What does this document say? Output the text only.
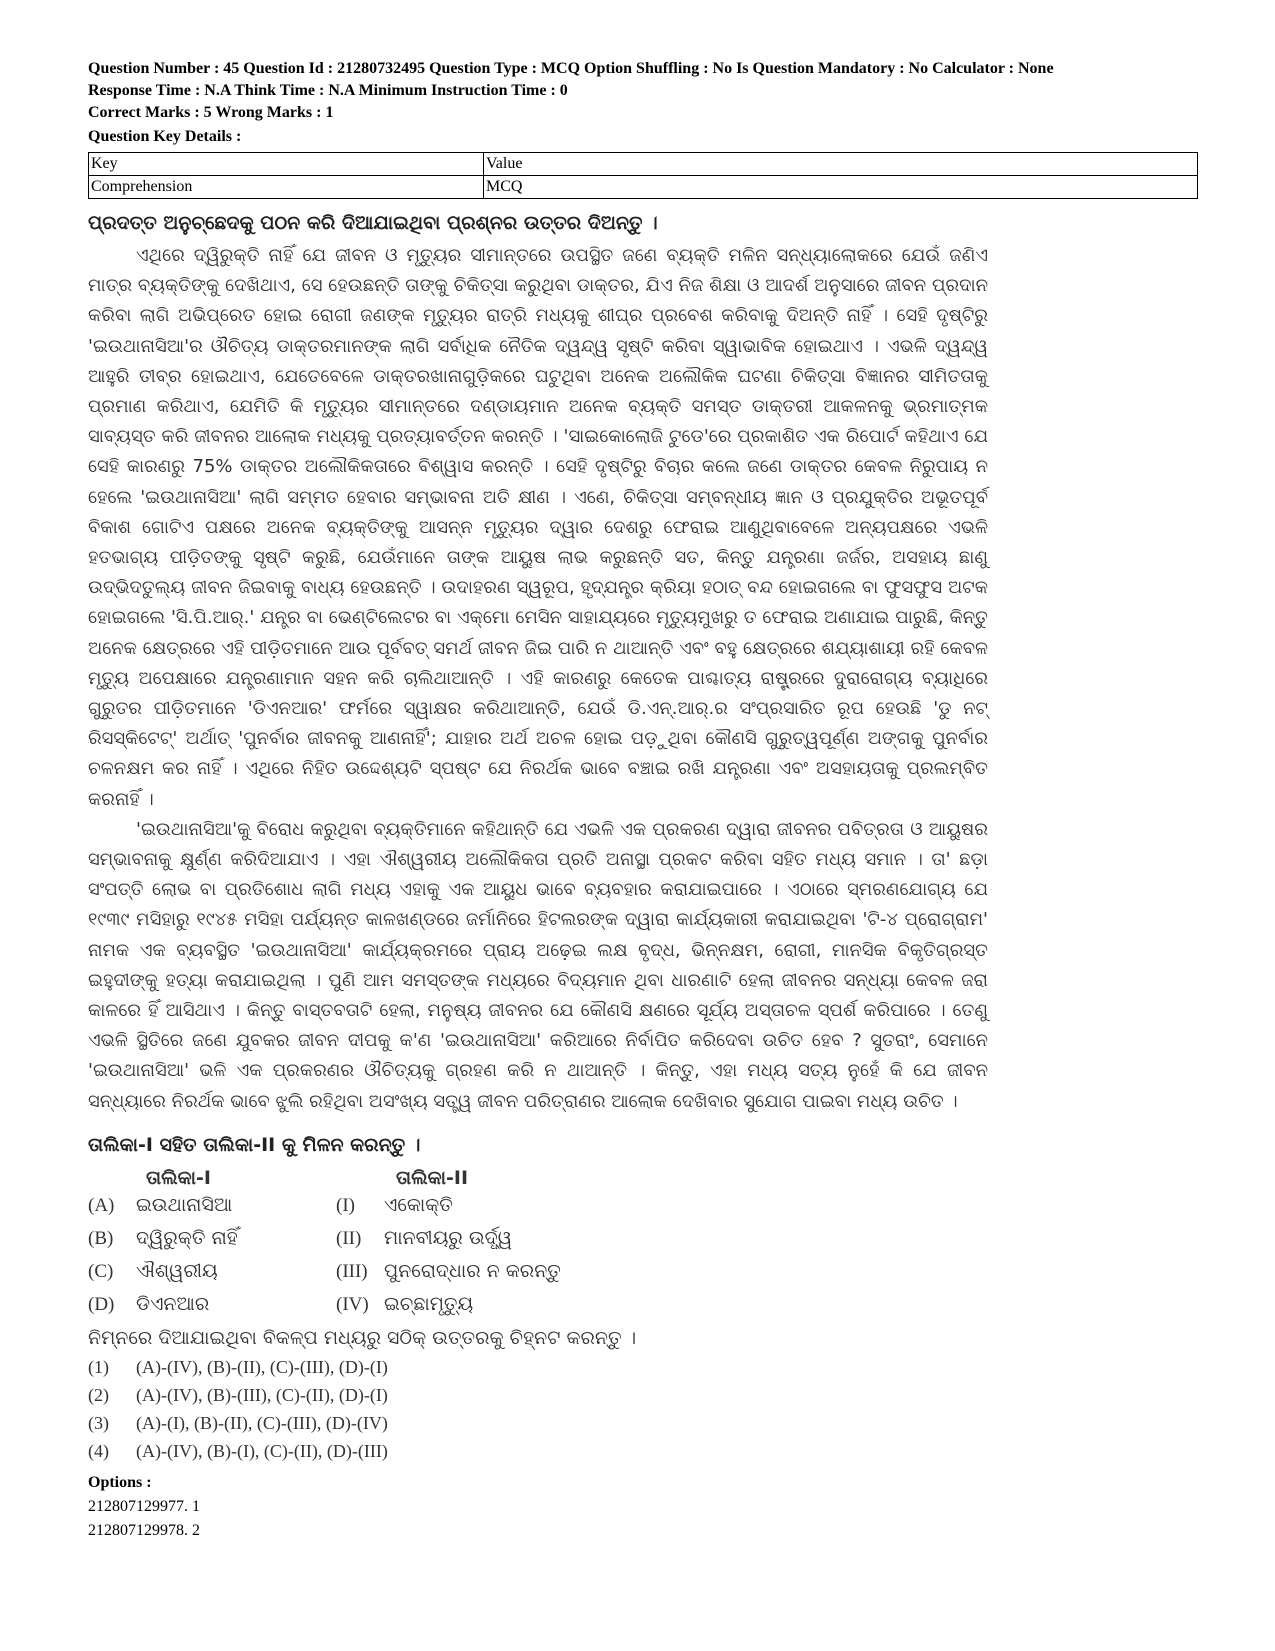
Question Number : 45 Question Id : 21280732495 Question Type : MCQ Option Shuffling : No Is Question Mandatory : No Calculator : None
Response Time : N.A Think Time : N.A Minimum Instruction Time : 0
Correct Marks : 5 Wrong Marks : 1
Question Key Details :
Key	Value
Comprehension	MCQ
ପ୍ରଦତ୍ତ ଅନୁଚ୍ଛେଦକୁ ପଠନ କରି ଦିଆଯାଇଥିବା ପ୍ରଶ୍ନର ଉତ୍ତର ଦିଅନ୍ତୁ ।

ଏଥିରେ ଦ୍ୱିରୁକ୍ତି ନାହିଁ ଯେ ଜୀବନ ଓ ମୃତ୍ୟୁର ସୀମାନ୍ତରେ ଉପସ୍ଥିତ ଜଣେ ବ୍ୟକ୍ତି ମଳିନ ସନ୍ଧ୍ୟାଲୋକରେ ଯେଉଁ ଜଣିଏ ମାତ୍ର ବ୍ୟକ୍ତିଙ୍କୁ ଦେଖିଥାଏ, ସେ ହେଉଛନ୍ତି ତାଙ୍କୁ ଚିକିତ୍ସା କରୁଥିବା ଡାକ୍ତର, ଯିଏ ନିଜ ଶିକ୍ଷା ଓ ଆଦର୍ଶ ଅନୁସାରେ ଜୀବନ ପ୍ରଦାନ କରିବା ଲାଗି ଅଭିପ୍ରେତ ହୋଇ ରୋଗୀ ଜଣଙ୍କ ମୃତ୍ୟୁର ରାତ୍ରି ମଧ୍ୟକୁ ଶୀଘ୍ର ପ୍ରବେଶ କରିବାକୁ ଦିଅନ୍ତି ନାହିଁ । ସେହି ଦୃଷ୍ଟିରୁ 'ଇଉଥାନାସିଆ'ର ଔଚିତ୍ୟ ଡାକ୍ତରମାନଙ୍କ ଲାଗି ସର୍ବାଧିକ ନୈତିକ ଦ୍ୱନ୍ଦ୍ୱ ସୃଷ୍ଟି କରିବା ସ୍ୱାଭାବିକ ହୋଇଥାଏ । ଏଭଳି ଦ୍ୱନ୍ଦ୍ୱ ଆହୁରି ତୀବ୍ର ହୋଇଥାଏ, ଯେତେବେଳେ ଡାକ୍ତରଖାନାଗୁଡ଼ିକରେ ଘଟୁଥିବା ଅନେକ ଅଲୌକିକ ଘଟଣା ଚିକିତ୍ସା ବିଜ୍ଞାନର ସୀମିତତାକୁ ପ୍ରମାଣ କରିଥାଏ, ଯେମିତି କି ମୃତ୍ୟୁର ସୀମାନ୍ତରେ ଦଣ୍ଡାୟମାନ ଅନେକ ବ୍ୟକ୍ତି ସମସ୍ତ ଡାକ୍ତରୀ ଆକଳନକୁ ଭ୍ରମାତ୍ମକ ସାବ୍ୟସ୍ତ କରି ଜୀବନର ଆଲୋକ ମଧ୍ୟକୁ ପ୍ରତ୍ୟାବର୍ତ୍ତନ କରନ୍ତି । 'ସାଇକୋଲୋଜି ଟୁଡେ'ରେ ପ୍ରକାଶିତ ଏକ ରିପୋର୍ଟ କହିଥାଏ ଯେ ସେହି କାରଣରୁ 75% ଡାକ୍ତର ଅଲୌକିକତାରେ ବିଶ୍ୱାସ କରନ୍ତି । ସେହି ଦୃଷ୍ଟିରୁ ବିଚାର କଲେ ଜଣେ ଡାକ୍ତର କେବଳ ନିରୁପାୟ ନ ହେଲେ 'ଇଉଥାନାସିଆ' ଲାଗି ସମ୍ମତ ହେବାର ସମ୍ଭାବନା ଅତି କ୍ଷୀଣ । ଏଣେ, ଚିକିତ୍ସା ସମ୍ବନ୍ଧୀୟ ଜ୍ଞାନ ଓ ପ୍ରଯୁକ୍ତିର ଅଭୂତପୂର୍ବ ବିକାଶ ଗୋଟିଏ ପକ୍ଷରେ ଅନେକ ବ୍ୟକ୍ତିଙ୍କୁ ଆସନ୍ନ ମୃତ୍ୟୁର ଦ୍ୱାର ଦେଶରୁ ଫେରାଇ ଆଣୁଥିବାବେଳେ ଅନ୍ୟପକ୍ଷରେ ଏଭଳି ହତଭାଗ୍ୟ ପୀଡ଼ିତଙ୍କୁ ସୃଷ୍ଟି କରୁଛି, ଯେଉଁମାନେ ତାଙ୍କ ଆୟୁଷ ଲାଭ କରୁଛନ୍ତି ସତ, କିନ୍ତୁ ଯନ୍ତ୍ରଣା ଜର୍ଜର, ଅସହାୟ ଛାଣୁ ଉଦ୍ଭିଦତୁଲ୍ୟ ଜୀବନ ଜିଇବାକୁ ବାଧ୍ୟ ହେଉଛନ୍ତି । ଉଦାହରଣ ସ୍ୱରୂପ, ହୃଦ୍‌ଯନ୍ତ୍ର କ୍ରିୟା ହଠାତ୍ ବନ୍ଦ ହୋଇଗଲେ ବା ଫୁସଫୁସ ଅଟକ ହୋଇଗଲେ 'ସି.ପି.ଆର୍.' ଯନ୍ତ୍ର ବା ଭେଣ୍ଟିଲେଟର ବା ଏକ୍‌ମୋ ମେସିନ ସାହାଯ୍ୟରେ ମୃତ୍ୟୁମୁଖରୁ ତ ଫେରାଇ ଅଣାଯାଇ ପାରୁଛି, କିନ୍ତୁ ଅନେକ କ୍ଷେତ୍ରରେ ଏହି ପୀଡ଼ିତମାନେ ଆଉ ପୂର୍ବବତ୍ ସମର୍ଥ ଜୀବନ ଜିଇ ପାରି ନ ଥାଆନ୍ତି ଏବଂ ବହୁ କ୍ଷେତ୍ରରେ ଶଯ୍ୟାଶାୟୀ ରହି କେବଳ ମୃତ୍ୟୁ ଅପେକ୍ଷାରେ ଯନ୍ତ୍ରଣାମାନ ସହନ କରି ଚାଲିଥାଆନ୍ତି । ଏହି କାରଣରୁ କେତେକ ପାଶ୍ଚାତ୍ୟ ରାଷ୍ଟ୍ରରେ ଦୁରାରୋଗ୍ୟ ବ୍ୟାଧିରେ ଗୁରୁତର ପୀଡ଼ିତମାନେ 'ଡିଏନଆର' ଫର୍ମରେ ସ୍ୱାକ୍ଷର କରିଥାଆନ୍ତି, ଯେଉଁ ଡି.ଏନ୍.ଆର୍.ର ସଂପ୍ରସାରିତ ରୂପ ହେଉଛି 'ଡୁ ନଟ୍ ରିସସ୍କିଟେଟ୍' ଅର୍ଥାତ୍ 'ପୁନର୍ବାର ଜୀବନକୁ ଆଣନାହିଁ'; ଯାହାର ଅର୍ଥ ଅଚଳ ହୋଇ ପଡ଼ୁଥିବା କୌଣସି ଗୁରୁତ୍ୱପୂର୍ଣ୍ଣ ଅଙ୍ଗକୁ ପୁନର୍ବାର ଚଳନକ୍ଷମ କର ନାହିଁ । ଏଥିରେ ନିହିତ ଉଦ୍ଦେଶ୍ୟଟି ସ୍ପଷ୍ଟ ଯେ ନିରର୍ଥକ ଭାବେ ବଞ୍ଚାଇ ରଖି ଯନ୍ତ୍ରଣା ଏବଂ ଅସହାୟତାକୁ ପ୍ରଲମ୍ବିତ କରନାହିଁ ।

'ଇଉଥାନାସିଆ'କୁ ବିରୋଧ କରୁଥିବା ବ୍ୟକ୍ତିମାନେ କହିଥାନ୍ତି ଯେ ଏଭଳି ଏକ ପ୍ରକରଣ ଦ୍ୱାରା ଜୀବନର ପବିତ୍ରତା ଓ ଆୟୁଷର ସମ୍ଭାବନାକୁ କ୍ଷୁର୍ଣ୍ଣ କରିଦିଆଯାଏ । ଏହା ଐଶ୍ୱରୀୟ ଅଲୌକିକତା ପ୍ରତି ଅନାସ୍ଥା ପ୍ରକଟ କରିବା ସହିତ ମଧ୍ୟ ସମାନ । ତା' ଛଡ଼ା ସଂପତ୍ତି ଲୋଭ ବା ପ୍ରତିଶୋଧ ଲାଗି ମଧ୍ୟ ଏହାକୁ ଏକ ଆୟୁଧ ଭାବେ ବ୍ୟବହାର କରାଯାଇପାରେ । ଏଠାରେ ସ୍ମରଣଯୋଗ୍ୟ ଯେ ୧୯୩୯ ମସିହାରୁ ୧୯୪୫ ମସିହା ପର୍ଯ୍ୟନ୍ତ କାଳଖଣ୍ଡରେ ଜର୍ମାନିରେ ହିଟଲରଙ୍କ ଦ୍ୱାରା କାର୍ଯ୍ୟକାରୀ କରାଯାଇଥିବା 'ଟି-୪ ପ୍ରୋଗ୍ରାମ' ନାମକ ଏକ ବ୍ୟବସ୍ଥିତ 'ଇଉଥାନାସିଆ' କାର୍ଯ୍ୟକ୍ରମରେ ପ୍ରାୟ ଅଢ଼େଇ ଲକ୍ଷ ବୃଦ୍ଧ, ଭିନ୍ନକ୍ଷମ, ରୋଗୀ, ମାନସିକ ବିକୃତିଗ୍ରସ୍ତ ଇହୁଦୀଙ୍କୁ ହତ୍ୟା କରାଯାଇଥିଲା । ପୁଣି ଆମ ସମସ୍ତଙ୍କ ମଧ୍ୟରେ ବିଦ୍ୟମାନ ଥିବା ଧାରଣାଟି ହେଲା ଜୀବନର ସନ୍ଧ୍ୟା କେବଳ ଜରା କାଳରେ ହିଁ ଆସିଥାଏ । କିନ୍ତୁ ବାସ୍ତବତାଟି ହେଲା, ମନୁଷ୍ୟ ଜୀବନର ଯେ କୌଣସି କ୍ଷଣରେ ସୂର୍ଯ୍ୟ ଅସ୍ତାଚଳ ସ୍ପର୍ଶ କରିପାରେ । ତେଣୁ ଏଭଳି ସ୍ଥିତିରେ ଜଣେ ଯୁବକର ଜୀବନ ଦୀପକୁ କ'ଣ 'ଇଉଥାନାସିଆ' କରିଆରେ ନିର୍ବାପିତ କରିଦେବା ଉଚିତ ହେବ ? ସୁତରାଂ, ସେମାନେ 'ଇଉଥାନାସିଆ' ଭଳି ଏକ ପ୍ରକରଣର ଔଚିତ୍ୟକୁ ଗ୍ରହଣ କରି ନ ଥାଆନ୍ତି । କିନ୍ତୁ, ଏହା ମଧ୍ୟ ସତ୍ୟ ନୁହେଁ କି ଯେ ଜୀବନ ସନ୍ଧ୍ୟାରେ ନିରର୍ଥକ ଭାବେ ଝୁଲି ରହିଥିବା ଅସଂଖ୍ୟ ସତ୍ତ୍ୱ ଜୀବନ ପରିତ୍ରାଣର ଆଲୋକ ଦେଖିବାର ସୁଯୋଗ ପାଇବା ମଧ୍ୟ ଉଚିତ ।

ତାଲିକା-I ସହିତ ତାଲିକା-II କୁ ମିଳନ କରନ୍ତୁ ।
ତାଲିକା-I	ତାଲିକା-II
(A)	ଇଉଥାନାସିଆ	(I)	ଏକୋକ୍ତି
(B)	ଦ୍ୱିରୁକ୍ତି ନାହିଁ	(II)	ମାନବୀୟରୁ ଉର୍ଦ୍ଧ୍ୱ
(C)	ଐଶ୍ୱରୀୟ	(III) ପୁନରୋଦ୍ଧାର ନ କରନ୍ତୁ
(D)	ଡିଏନଆର	(IV) ଇଚ୍ଛାମୃତ୍ୟୁ
ନିମ୍ନରେ ଦିଆଯାଇଥିବା ବିକଳ୍ପ ମଧ୍ୟରୁ ସଠିକ୍ ଉତ୍ତରକୁ ଚିହ୍ନଟ କରନ୍ତୁ ।
(1)	(A)-(IV), (B)-(II), (C)-(III), (D)-(I)
(2)	(A)-(IV), (B)-(III), (C)-(II), (D)-(I)
(3)	(A)-(I), (B)-(II), (C)-(III), (D)-(IV)
(4)	(A)-(IV), (B)-(I), (C)-(II), (D)-(III)
Options :
212807129977. 1
212807129978. 2
